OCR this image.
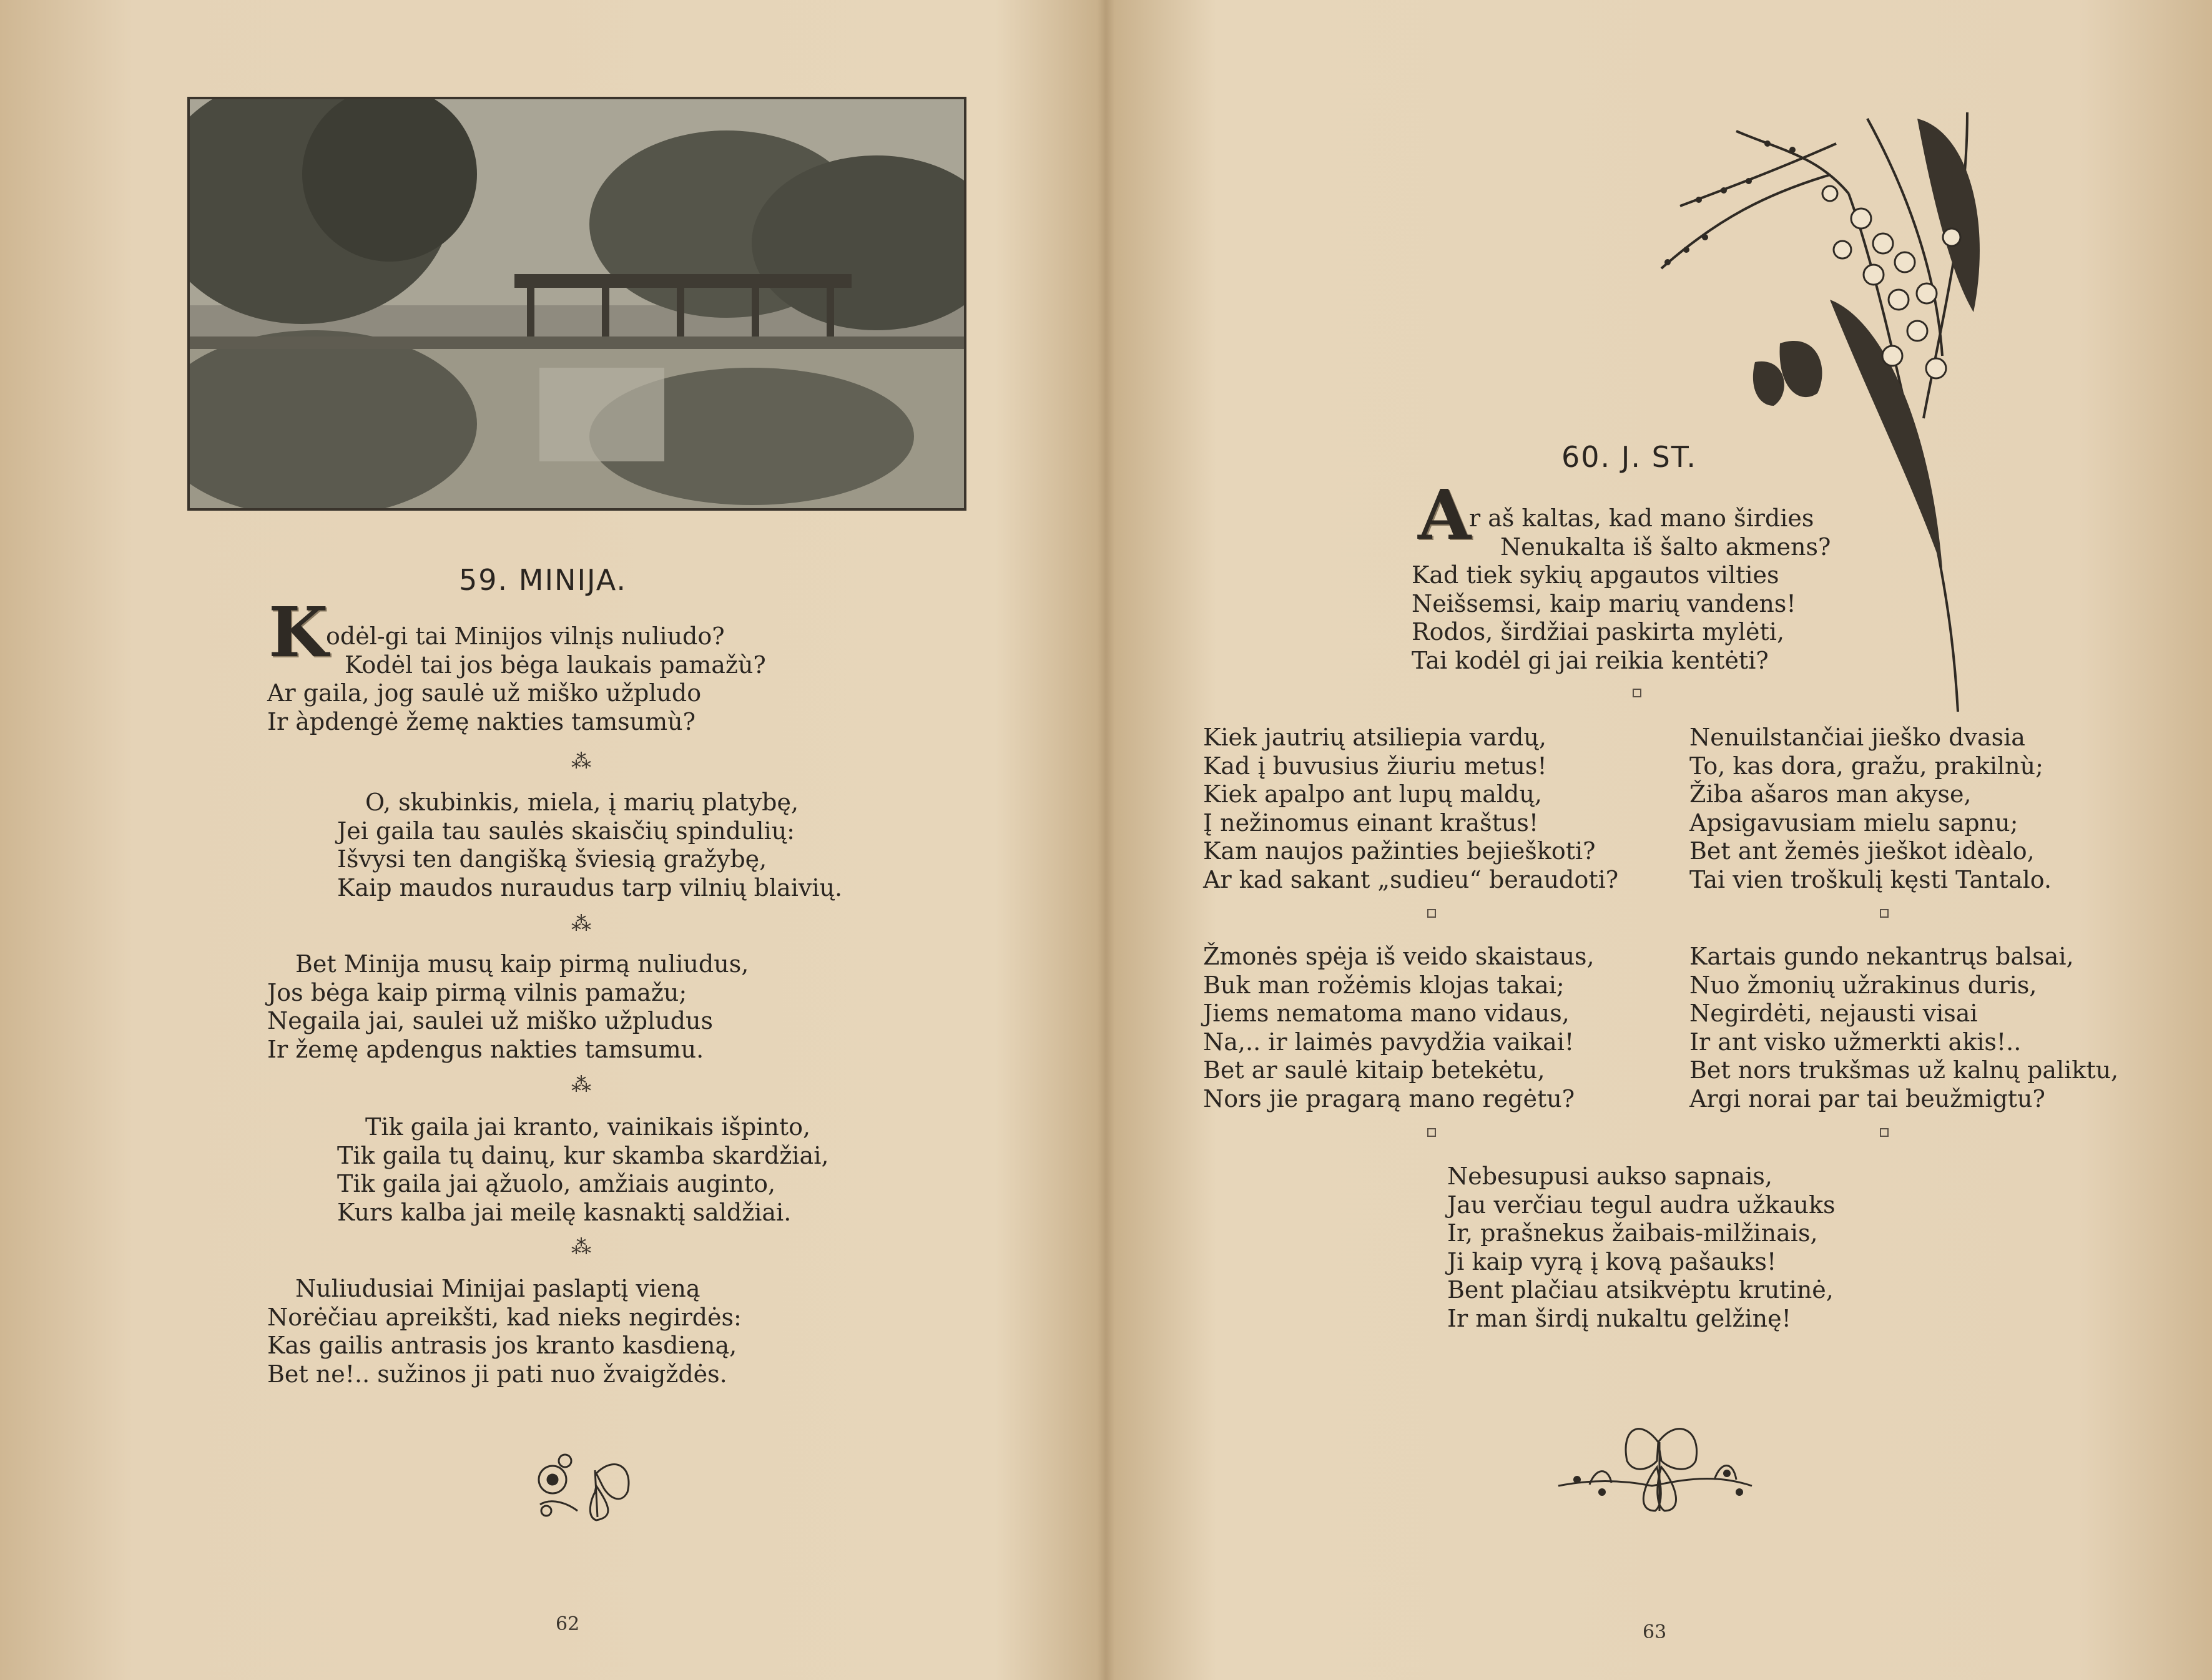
59. MINIJA.
K
odėl-gi tai Minijos vilnįs nuliudo?
Kodėl tai jos bėga laukais pamažù?
Ar gaila, jog saulė už miško užpludo
Ir àpdengė žemę nakties tamsumù?
⁂
O, skubinkis, miela, į marių platybę,
Jei gaila tau saulės skaisčių spindulių:
Išvysi ten dangišką šviesią gražybę,
Kaip maudos nuraudus tarp vilnių blaivių.
⁂
Bet Minija musų kaip pirmą nuliudus,
Jos bėga kaip pirmą vilnis pamažu;
Negaila jai, saulei už miško užpludus
Ir žemę apdengus nakties tamsumu.
⁂
Tik gaila jai kranto, vainikais išpinto,
Tik gaila tų dainų, kur skamba skardžiai,
Tik gaila jai ąžuolo, amžiais auginto,
Kurs kalba jai meilę kasnaktį saldžiai.
⁂
Nuliudusiai Minijai paslaptį vieną
Norėčiau apreikšti, kad nieks negirdės:
Kas gailis antrasis jos kranto kasdieną,
Bet ne!.. sužinos ji pati nuo žvaigždės.
62
60. J. ST.
A
r aš kaltas, kad mano širdies
Nenukalta iš šalto akmens?
Kad tiek sykių apgautos vilties
Neišsemsi, kaip marių vandens!
Rodos, širdžiai paskirta mylėti,
Tai kodėl gi jai reikia kentėti?
Kiek jautrių atsiliepia vardų,
Kad į buvusius žiuriu metus!
Kiek apalpo ant lupų maldų,
Į nežinomus einant kraštus!
Kam naujos pažinties bejieškoti?
Ar kad sakant „sudieu“ beraudoti?
Nenuilstančiai jieško dvasia
To, kas dora, gražu, prakilnù;
Žiba ašaros man akyse,
Apsigavusiam mielu sapnu;
Bet ant žemės jieškot idèalo,
Tai vien troškulį kęsti Tantalo.
Žmonės spėja iš veido skaistaus,
Buk man rožėmis klojas takai;
Jiems nematoma mano vidaus,
Na,.. ir laimės pavydžia vaikai!
Bet ar saulė kitaip betekėtu,
Nors jie pragarą mano regėtu?
Kartais gundo nekantrųs balsai,
Nuo žmonių užrakinus duris,
Negirdėti, nejausti visai
Ir ant visko užmerkti akis!..
Bet nors trukšmas už kalnų paliktu,
Argi norai par tai beužmigtu?
Nebesupusi aukso sapnais,
Jau verčiau tegul audra užkauks
Ir, prašnekus žaibais-milžinais,
Ji kaip vyrą į kovą pašauks!
Bent plačiau atsikvėptu krutinė,
Ir man širdį nukaltu gelžinę!
63
